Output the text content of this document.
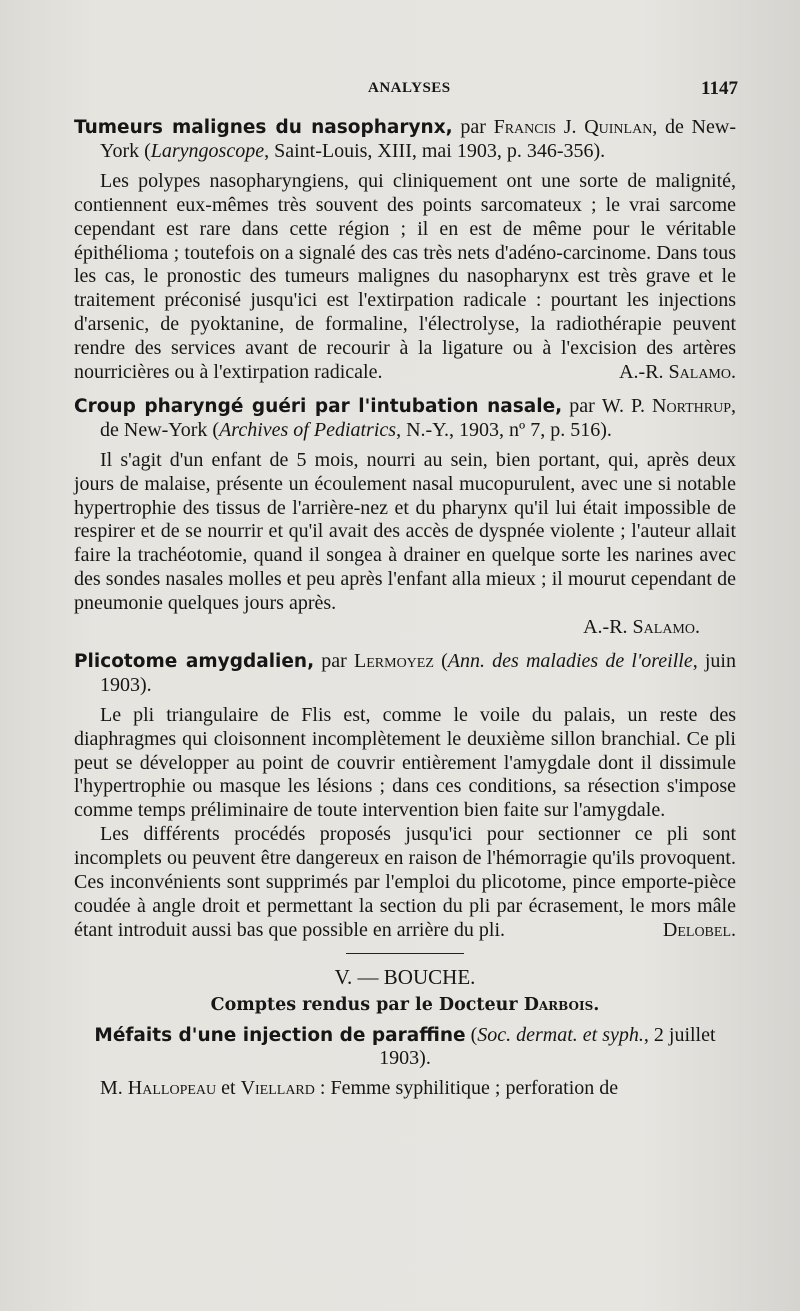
ANALYSES	1147

Tumeurs malignes du nasopharynx, par Francis J. Quinlan, de New-York (Laryngoscope, Saint-Louis, XIII, mai 1903, p. 346-356).

Les polypes nasopharyngiens, qui cliniquement ont une sorte de malignité, contiennent eux-mêmes très souvent des points sarcomateux ; le vrai sarcome cependant est rare dans cette région ; il en est de même pour le véritable épithélioma ; toutefois on a signalé des cas très nets d'adéno-carcinome. Dans tous les cas, le pronostic des tumeurs malignes du nasopharynx est très grave et le traitement préconisé jusqu'ici est l'extirpation radicale : pourtant les injections d'arsenic, de pyoktanine, de formaline, l'électrolyse, la radiothérapie peuvent rendre des services avant de recourir à la ligature ou à l'excision des artères nourricières ou à l'extirpation radicale.	A.-R. Salamo.

Croup pharyngé guéri par l'intubation nasale, par W. P. Northrup, de New-York (Archives of Pediatrics, N.-Y., 1903, nº 7, p. 516).

Il s'agit d'un enfant de 5 mois, nourri au sein, bien portant, qui, après deux jours de malaise, présente un écoulement nasal mucopurulent, avec une si notable hypertrophie des tissus de l'arrière-nez et du pharynx qu'il lui était impossible de respirer et de se nourrir et qu'il avait des accès de dyspnée violente ; l'auteur allait faire la trachéotomie, quand il songea à drainer en quelque sorte les narines avec des sondes nasales molles et peu après l'enfant alla mieux ; il mourut cependant de pneumonie quelques jours après.

A.-R. Salamo.

Plicotome amygdalien, par Lermoyez (Ann. des maladies de l'oreille, juin 1903).

Le pli triangulaire de Flis est, comme le voile du palais, un reste des diaphragmes qui cloisonnent incomplètement le deuxième sillon branchial. Ce pli peut se développer au point de couvrir entièrement l'amygdale dont il dissimule l'hypertrophie ou masque les lésions ; dans ces conditions, sa résection s'impose comme temps préliminaire de toute intervention bien faite sur l'amygdale.

Les différents procédés proposés jusqu'ici pour sectionner ce pli sont incomplets ou peuvent être dangereux en raison de l'hémorragie qu'ils provoquent. Ces inconvénients sont supprimés par l'emploi du plicotome, pince emporte-pièce coudée à angle droit et permettant la section du pli par écrasement, le mors mâle étant introduit aussi bas que possible en arrière du pli.	Delobel.

V. — BOUCHE.

Comptes rendus par le Docteur Darbois.

Méfaits d'une injection de paraffine (Soc. dermat. et syph., 2 juillet 1903).

M. Hallopeau et Viellard : Femme syphilitique ; perforation de
